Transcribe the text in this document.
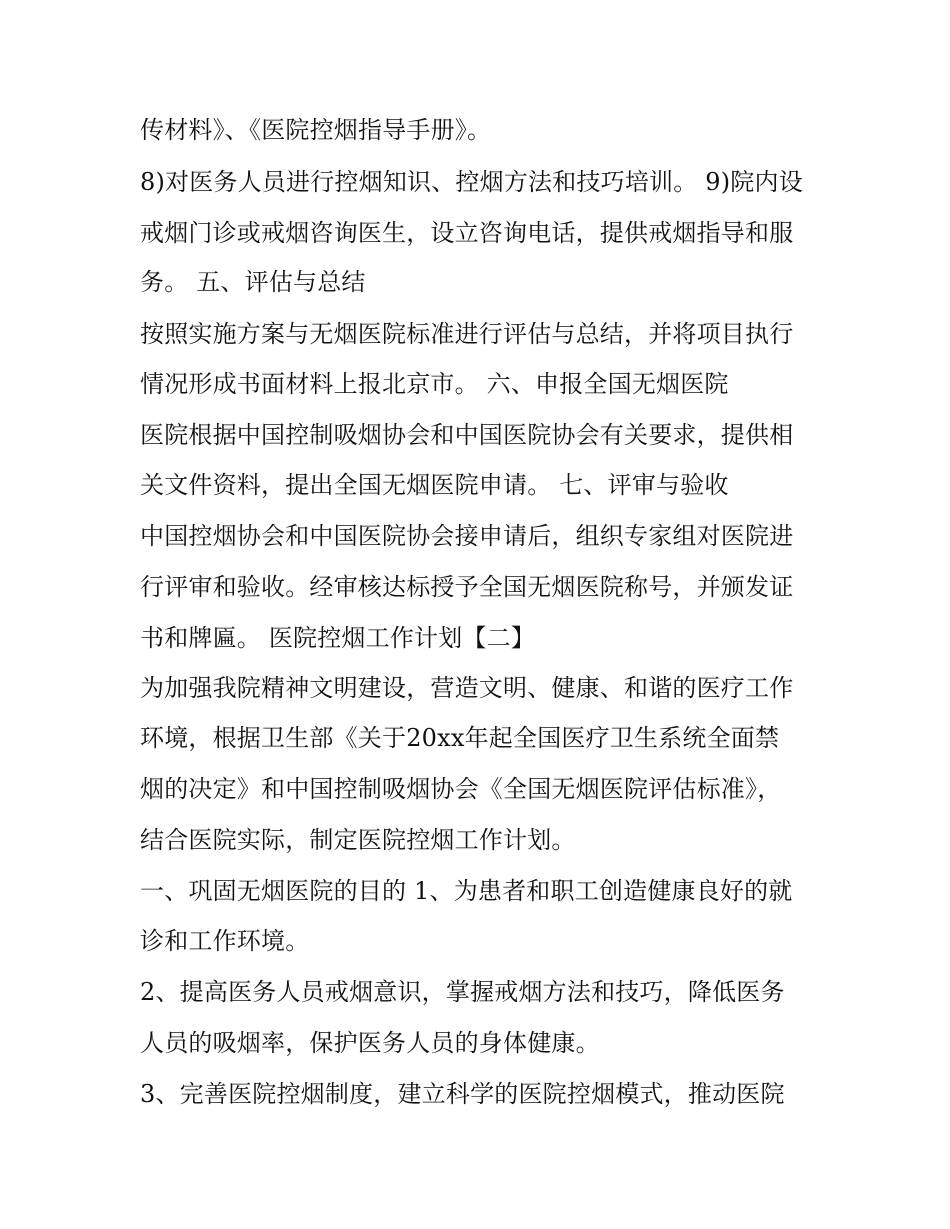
传材料》、《医院控烟指导手册》。
8)对医务人员进行控烟知识、控烟方法和技巧培训。 9)院内设
戒烟门诊或戒烟咨询医生，设立咨询电话，提供戒烟指导和服
务。 五、评估与总结
按照实施方案与无烟医院标准进行评估与总结，并将项目执行
情况形成书面材料上报北京市。 六、申报全国无烟医院
医院根据中国控制吸烟协会和中国医院协会有关要求，提供相
关文件资料，提出全国无烟医院申请。 七、评审与验收
中国控烟协会和中国医院协会接申请后，组织专家组对医院进
行评审和验收。经审核达标授予全国无烟医院称号，并颁发证
书和牌匾。 医院控烟工作计划【二】
为加强我院精神文明建设，营造文明、健康、和谐的医疗工作
环境，根据卫生部《关于20xx年起全国医疗卫生系统全面禁
烟的决定》和中国控制吸烟协会《全国无烟医院评估标准》，
结合医院实际，制定医院控烟工作计划。
一、巩固无烟医院的目的 1、为患者和职工创造健康良好的就
诊和工作环境。
2、提高医务人员戒烟意识，掌握戒烟方法和技巧，降低医务
人员的吸烟率，保护医务人员的身体健康。
3、完善医院控烟制度，建立科学的医院控烟模式，推动医院
